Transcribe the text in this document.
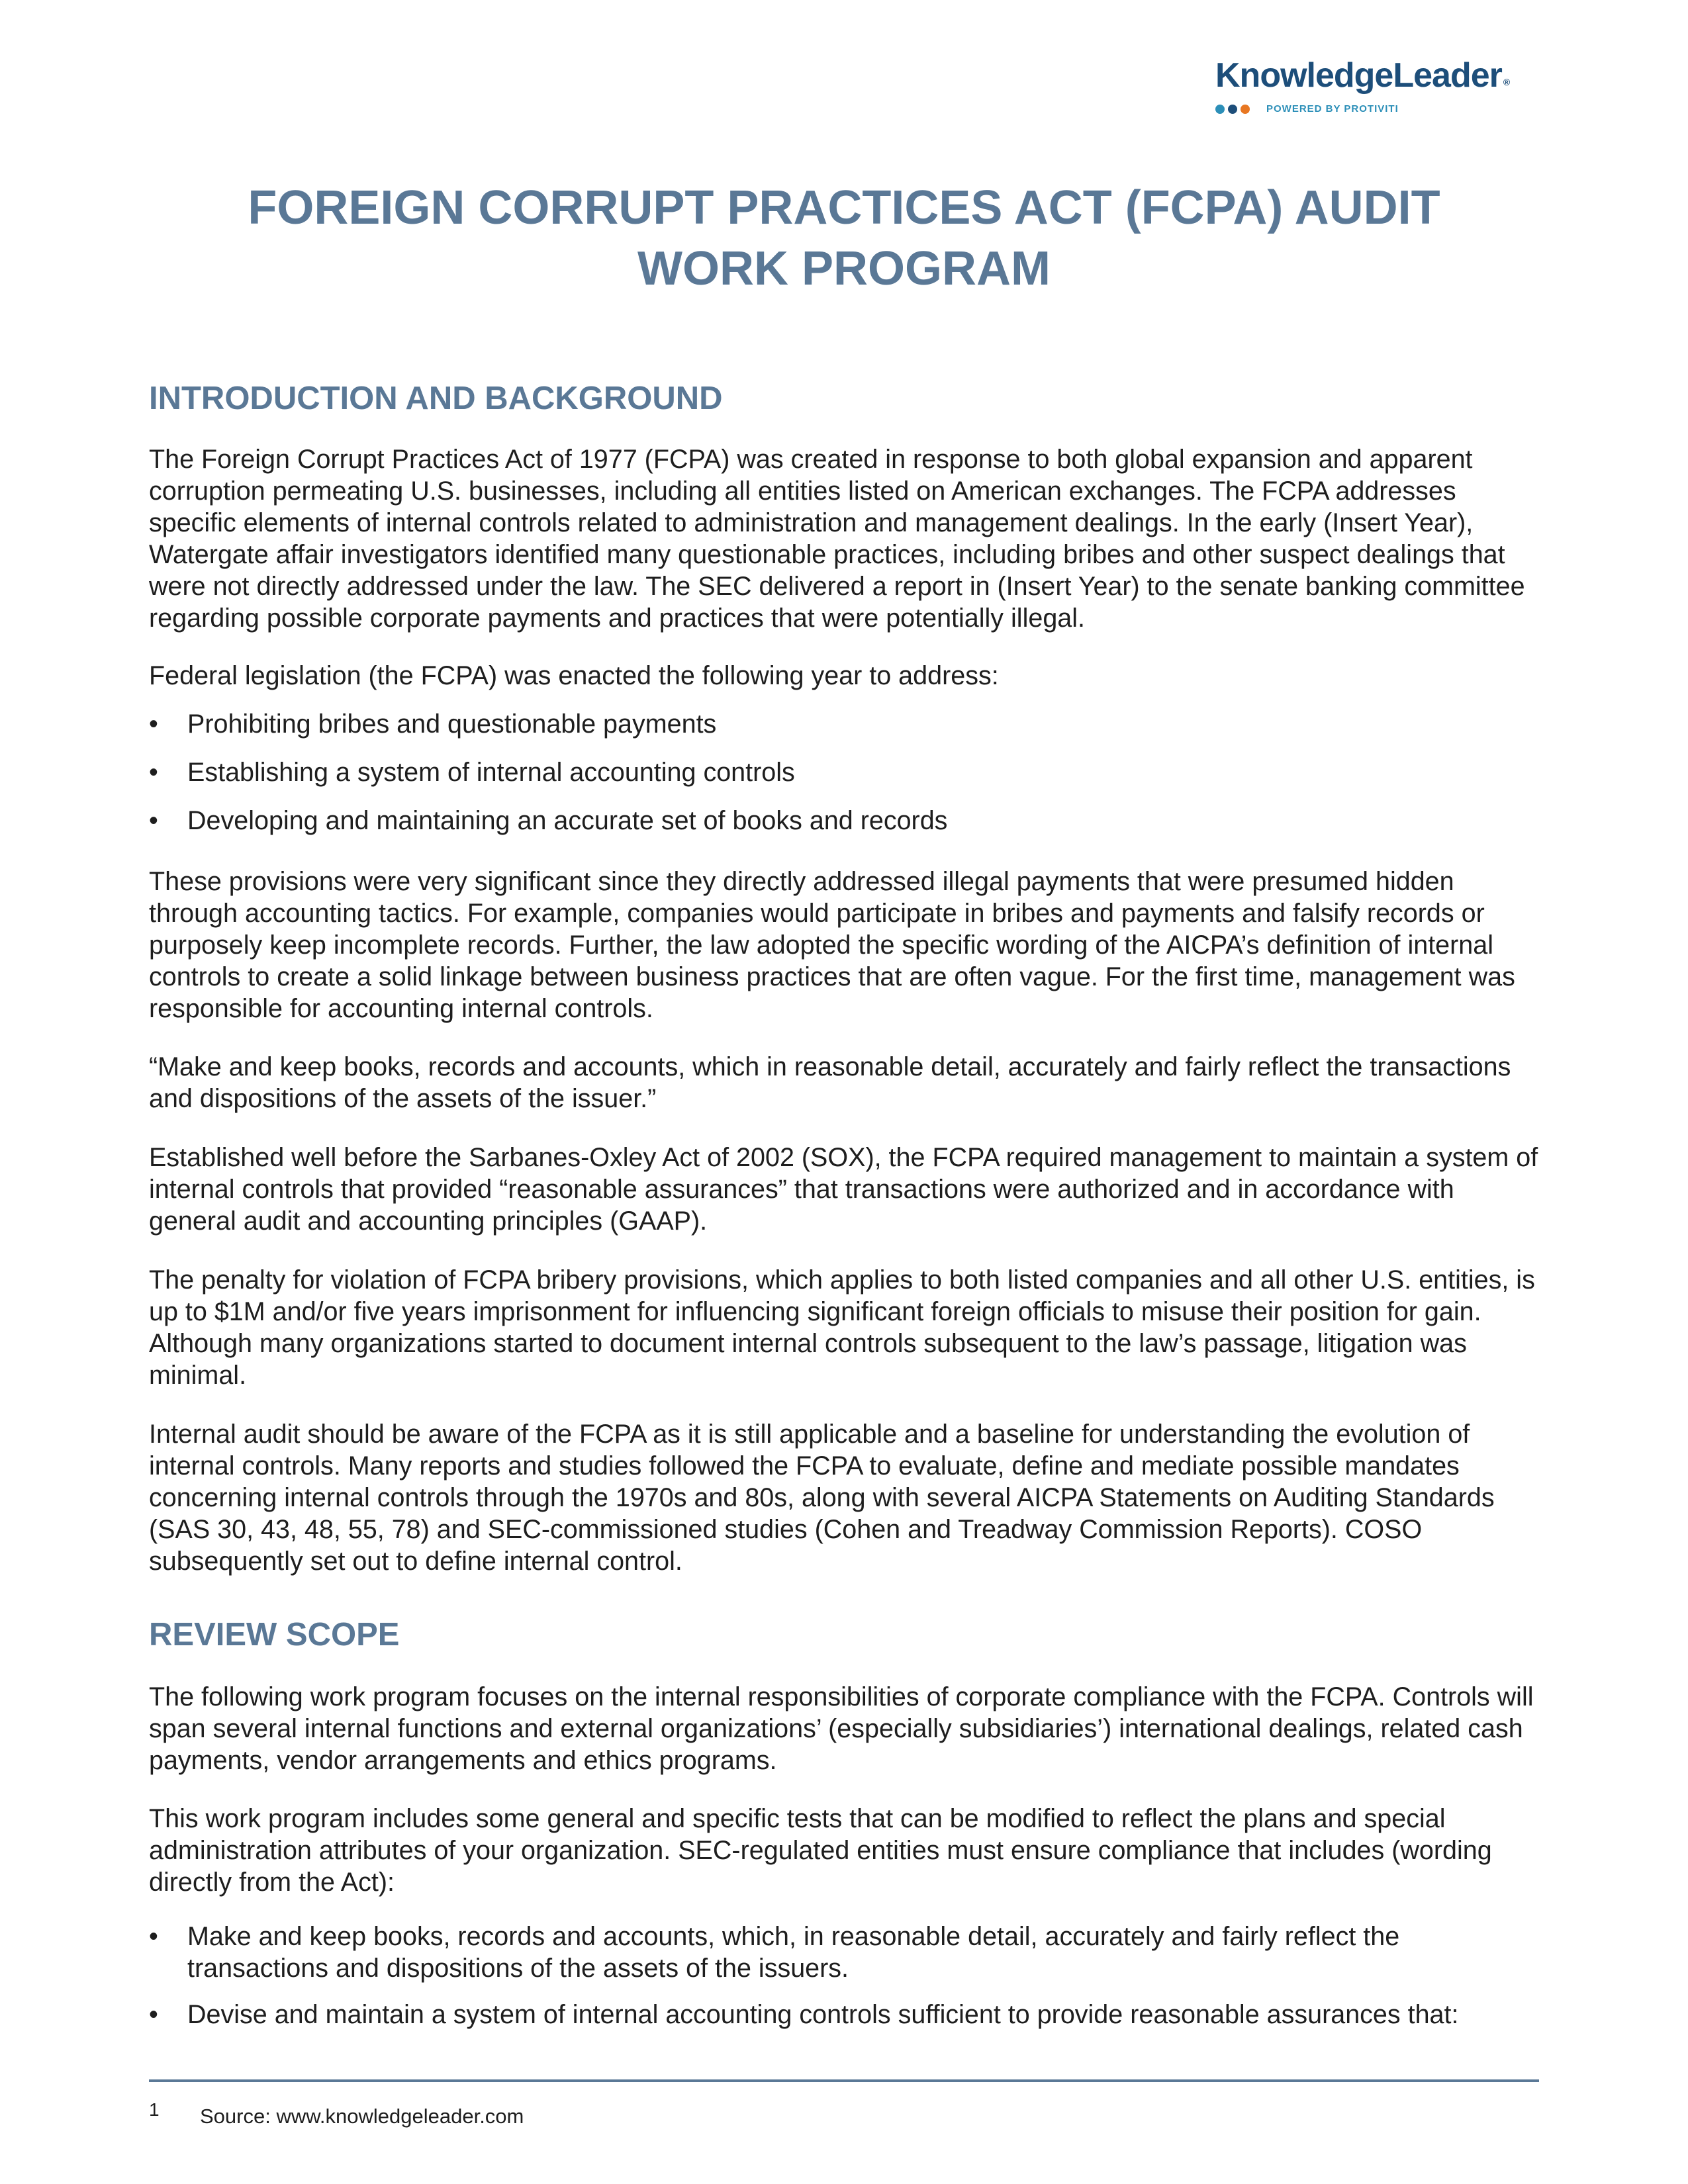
KnowledgeLeader ®
POWERED BY PROTIVITI
FOREIGN CORRUPT PRACTICES ACT (FCPA) AUDIT
WORK PROGRAM
INTRODUCTION AND BACKGROUND

The Foreign Corrupt Practices Act of 1977 (FCPA) was created in response to both global expansion and apparent corruption permeating U.S. businesses, including all entities listed on American exchanges. The FCPA addresses specific elements of internal controls related to administration and management dealings. In the early (Insert Year), Watergate affair investigators identified many questionable practices, including bribes and other suspect dealings that were not directly addressed under the law. The SEC delivered a report in (Insert Year) to the senate banking committee regarding possible corporate payments and practices that were potentially illegal.

Federal legislation (the FCPA) was enacted the following year to address:

•	Prohibiting bribes and questionable payments
•	Establishing a system of internal accounting controls
•	Developing and maintaining an accurate set of books and records

These provisions were very significant since they directly addressed illegal payments that were presumed hidden through accounting tactics. For example, companies would participate in bribes and payments and falsify records or purposely keep incomplete records. Further, the law adopted the specific wording of the AICPA’s definition of internal controls to create a solid linkage between business practices that are often vague. For the first time, management was responsible for accounting internal controls.

“Make and keep books, records and accounts, which in reasonable detail, accurately and fairly reflect the transactions and dispositions of the assets of the issuer.”

Established well before the Sarbanes-Oxley Act of 2002 (SOX), the FCPA required management to maintain a system of internal controls that provided “reasonable assurances” that transactions were authorized and in accordance with general audit and accounting principles (GAAP).

The penalty for violation of FCPA bribery provisions, which applies to both listed companies and all other U.S. entities, is up to $1M and/or five years imprisonment for influencing significant foreign officials to misuse their position for gain. Although many organizations started to document internal controls subsequent to the law’s passage, litigation was minimal.

Internal audit should be aware of the FCPA as it is still applicable and a baseline for understanding the evolution of internal controls. Many reports and studies followed the FCPA to evaluate, define and mediate possible mandates concerning internal controls through the 1970s and 80s, along with several AICPA Statements on Auditing Standards (SAS 30, 43, 48, 55, 78) and SEC-commissioned studies (Cohen and Treadway Commission Reports). COSO subsequently set out to define internal control.

REVIEW SCOPE

The following work program focuses on the internal responsibilities of corporate compliance with the FCPA. Controls will span several internal functions and external organizations’ (especially subsidiaries’) international dealings, related cash payments, vendor arrangements and ethics programs.

This work program includes some general and specific tests that can be modified to reflect the plans and special administration attributes of your organization. SEC-regulated entities must ensure compliance that includes (wording directly from the Act):

•	Make and keep books, records and accounts, which, in reasonable detail, accurately and fairly reflect the transactions and dispositions of the assets of the issuers.
•	Devise and maintain a system of internal accounting controls sufficient to provide reasonable assurances that:
1 Source: www.knowledgeleader.com
